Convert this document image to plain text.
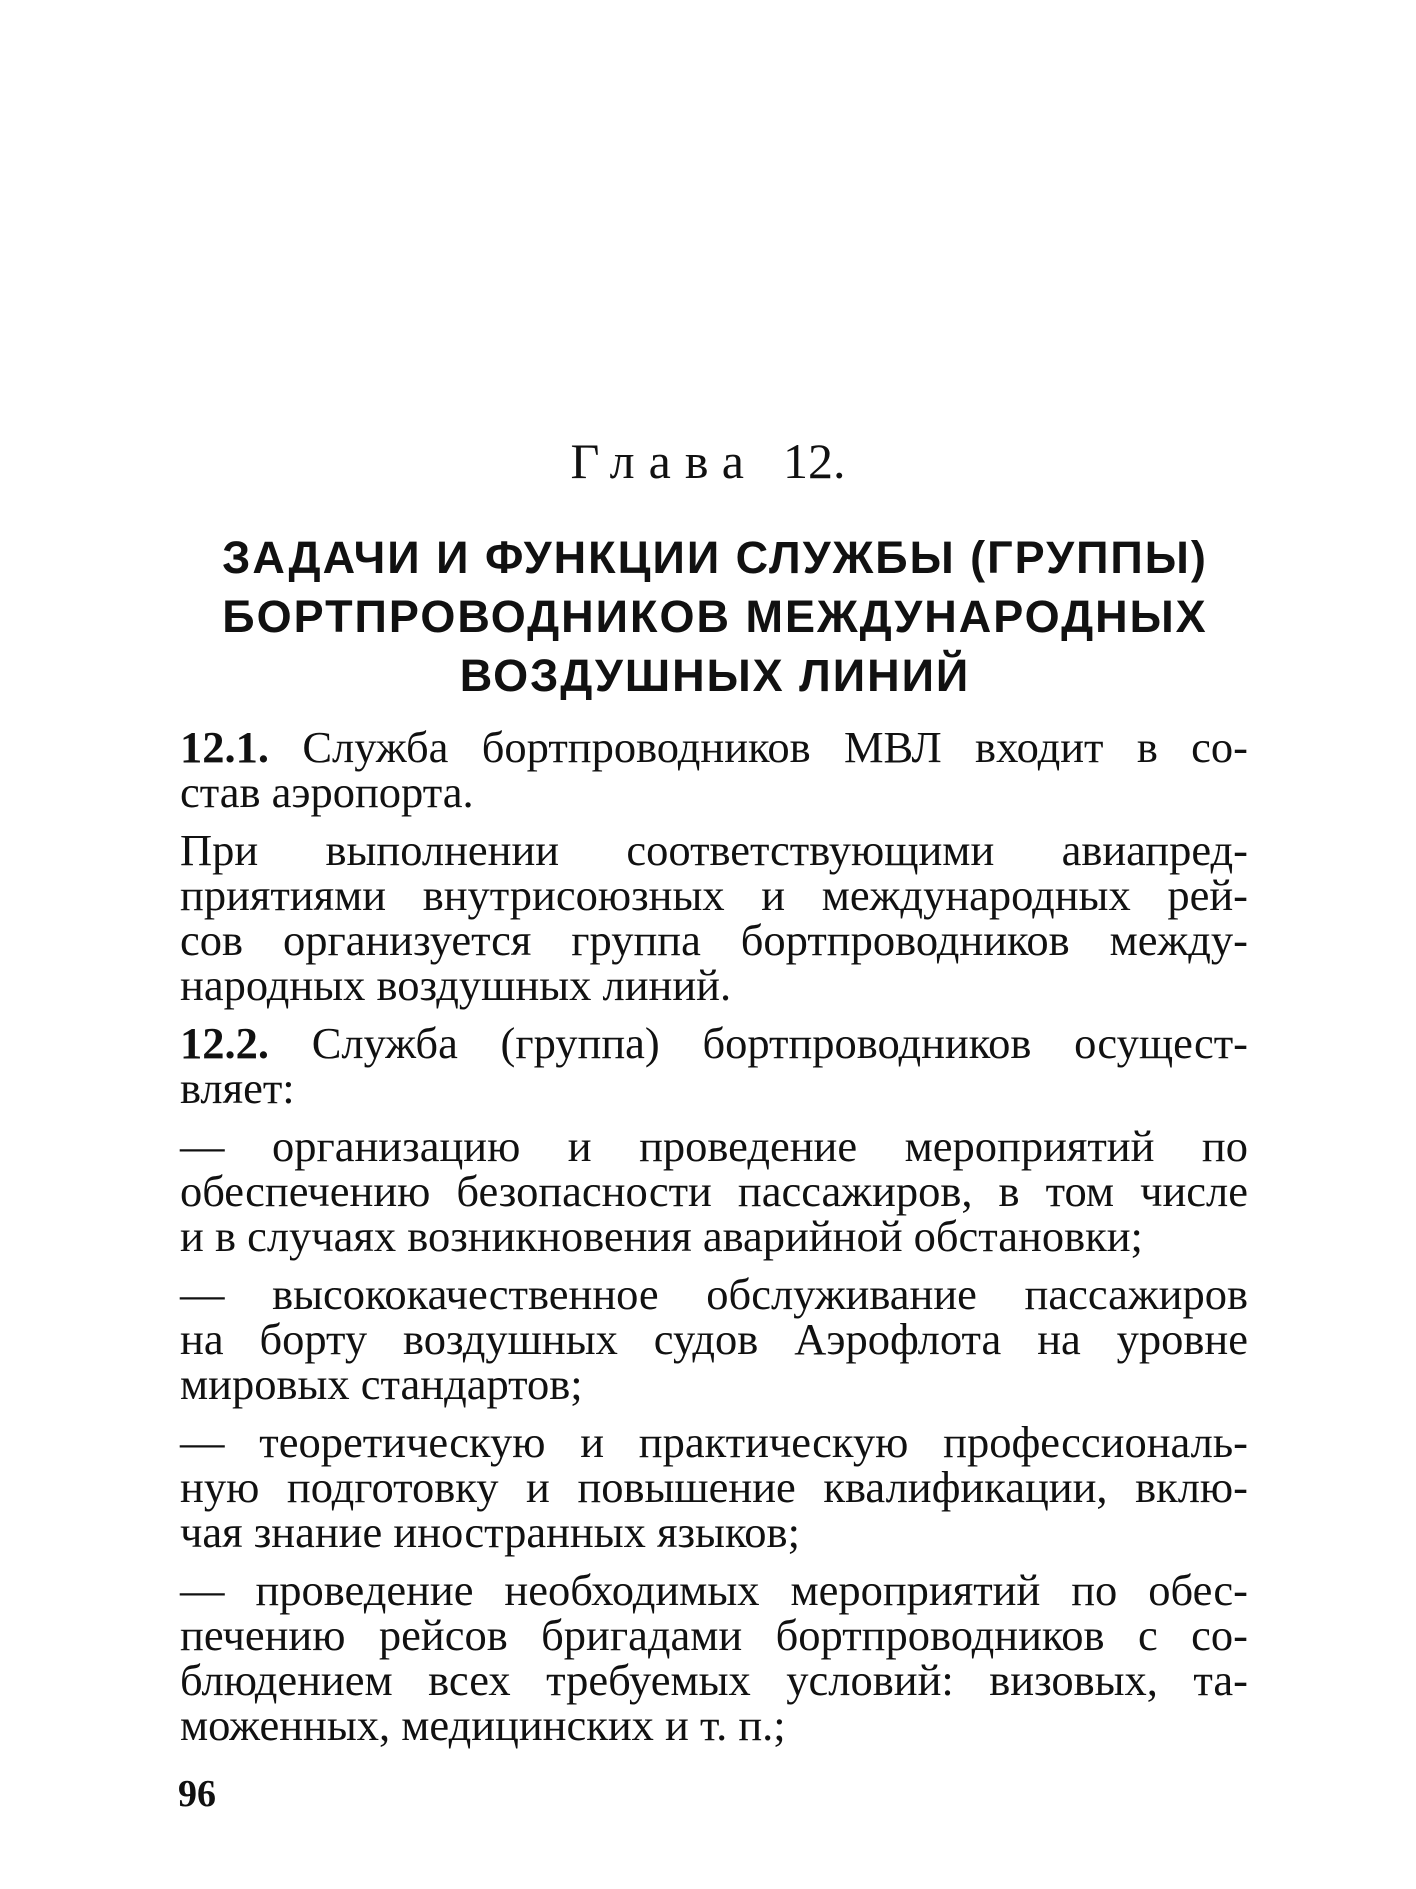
Глава 12.
ЗАДАЧИ И ФУНКЦИИ СЛУЖБЫ (ГРУППЫ)
БОРТПРОВОДНИКОВ МЕЖДУНАРОДНЫХ
ВОЗДУШНЫХ ЛИНИЙ
12.1. Служба бортпроводников МВЛ входит в со-
став аэропорта.
При выполнении соответствующими авиапред-
приятиями внутрисоюзных и международных рей-
сов организуется группа бортпроводников между-
народных воздушных линий.
12.2. Служба (группа) бортпроводников осущест-
вляет:
— организацию и проведение мероприятий по
обеспечению безопасности пассажиров, в том числе
и в случаях возникновения аварийной обстановки;
— высококачественное обслуживание пассажиров
на борту воздушных судов Аэрофлота на уровне
мировых стандартов;
— теоретическую и практическую профессиональ-
ную подготовку и повышение квалификации, вклю-
чая знание иностранных языков;
— проведение необходимых мероприятий по обес-
печению рейсов бригадами бортпроводников с со-
блюдением всех требуемых условий: визовых, та-
моженных, медицинских и т. п.;
96
